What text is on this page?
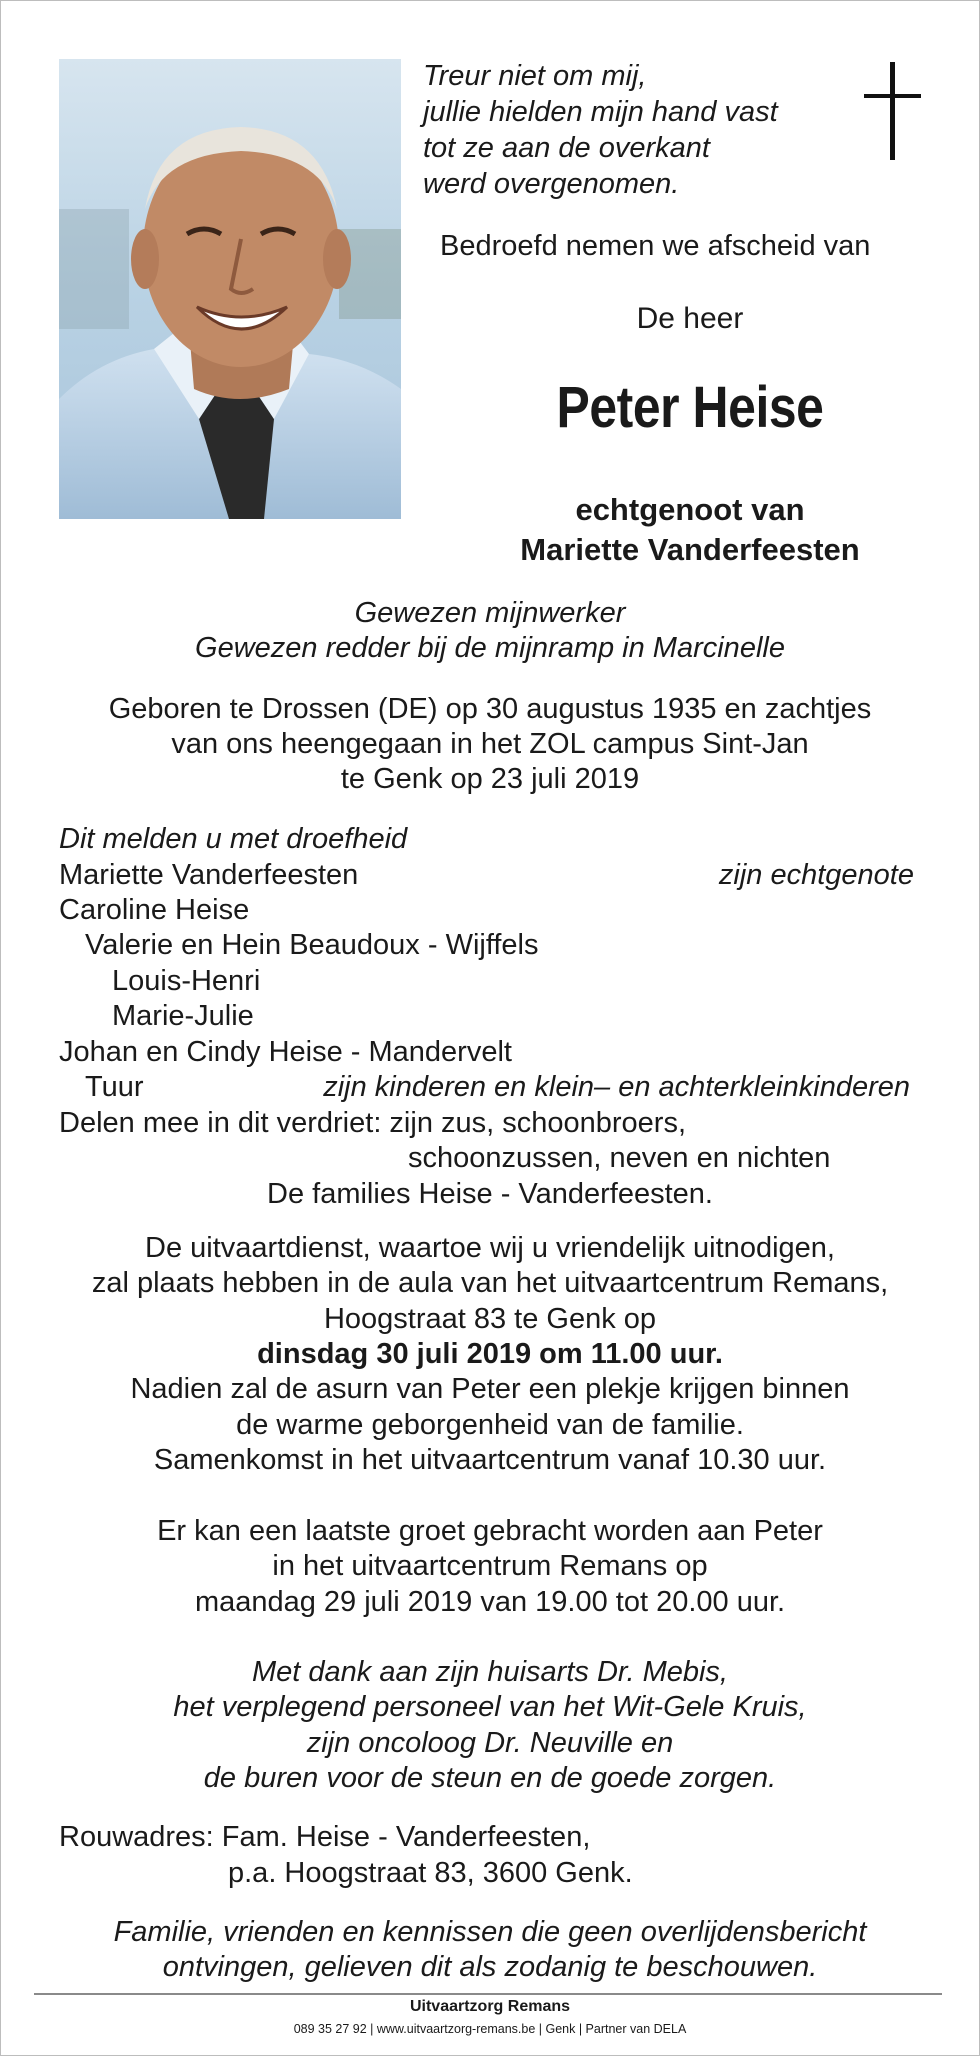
Treur niet om mij,
jullie hielden mijn hand vast
tot ze aan de overkant
werd overgenomen.
Bedroefd nemen we afscheid van
De heer
Peter Heise
echtgenoot van
Mariette Vanderfeesten
Gewezen mijnwerker
Gewezen redder bij de mijnramp in Marcinelle
Geboren te Drossen (DE) op 30 augustus 1935 en zachtjes
van ons heengegaan in het ZOL campus Sint-Jan
te Genk op 23 juli 2019
Dit melden u met droefheid
Mariette Vanderfeesten	zijn echtgenote
Caroline Heise
Valerie en Hein Beaudoux - Wijffels
Louis-Henri
Marie-Julie
Johan en Cindy Heise - Mandervelt
Tuur	zijn kinderen en klein– en achterkleinkinderen
Delen mee in dit verdriet: zijn zus, schoonbroers,
schoonzussen, neven en nichten
De families Heise - Vanderfeesten.
De uitvaartdienst, waartoe wij u vriendelijk uitnodigen,
zal plaats hebben in de aula van het uitvaartcentrum Remans,
Hoogstraat 83 te Genk op
dinsdag 30 juli 2019 om 11.00 uur.
Nadien zal de asurn van Peter een plekje krijgen binnen
de warme geborgenheid van de familie.
Samenkomst in het uitvaartcentrum vanaf 10.30 uur.
Er kan een laatste groet gebracht worden aan Peter
in het uitvaartcentrum Remans op
maandag 29 juli 2019 van 19.00 tot 20.00 uur.
Met dank aan zijn huisarts Dr. Mebis,
het verplegend personeel van het Wit-Gele Kruis,
zijn oncoloog Dr. Neuville en
de buren voor de steun en de goede zorgen.
Rouwadres: Fam. Heise - Vanderfeesten,
p.a. Hoogstraat 83, 3600 Genk.
Familie, vrienden en kennissen die geen overlijdensbericht
ontvingen, gelieven dit als zodanig te beschouwen.
Uitvaartzorg Remans
089 35 27 92 | www.uitvaartzorg-remans.be | Genk | Partner van DELA
